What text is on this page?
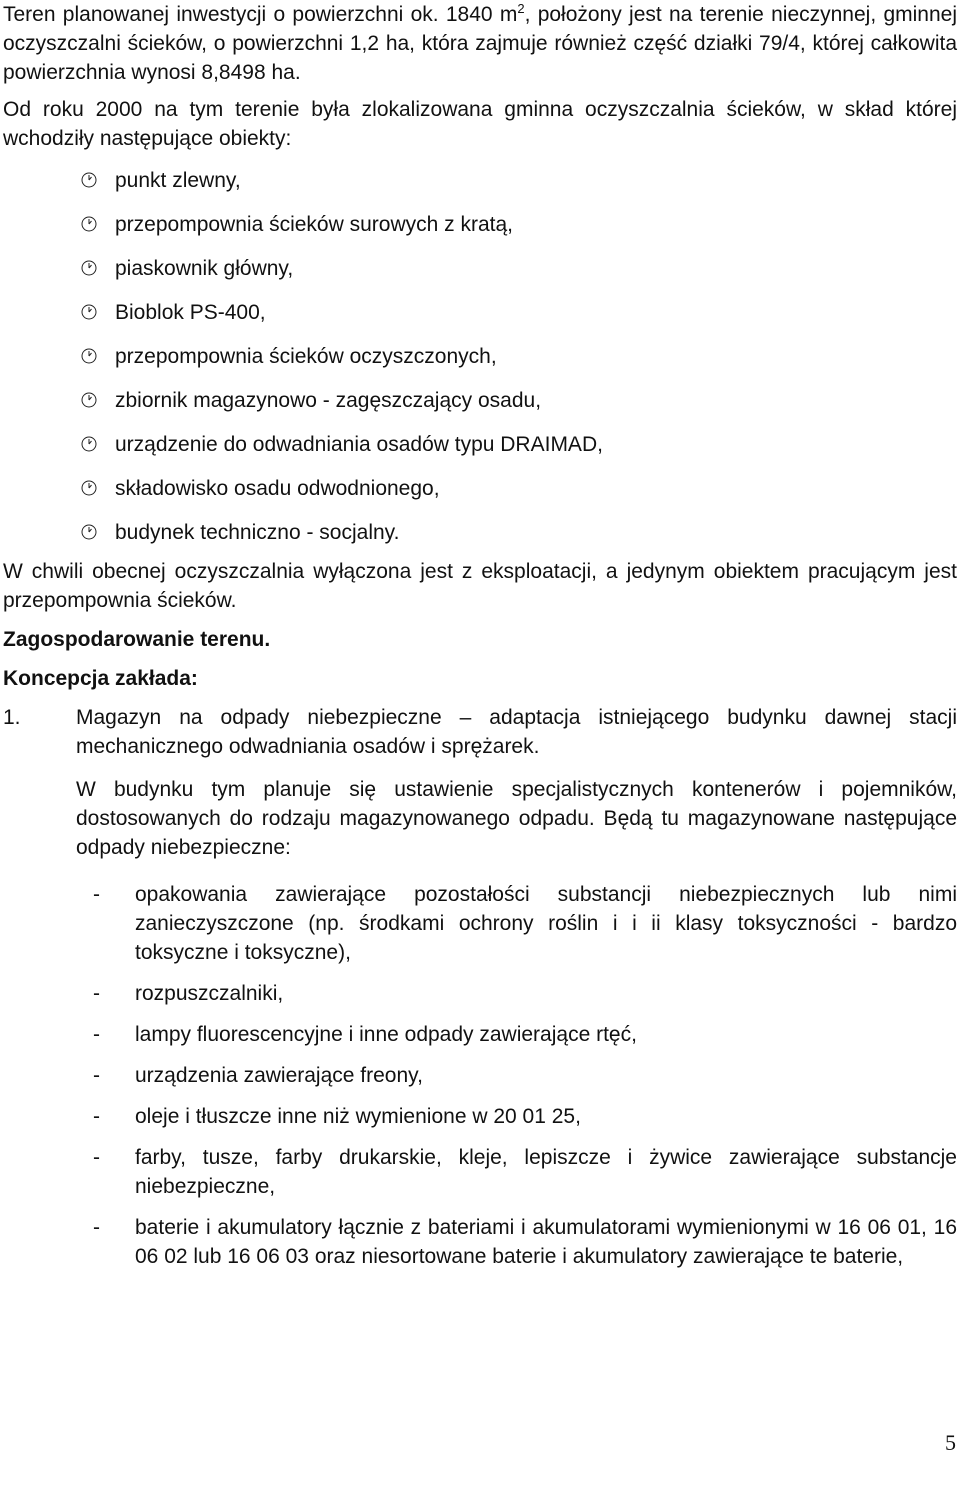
Teren planowanej inwestycji o powierzchni ok. 1840 $m^2$, położony jest na terenie nieczynnej, gminnej oczyszczalni ścieków, o powierzchni 1,2 ha, która zajmuje również część działki 79/4, której całkowita powierzchnia wynosi 8,8498 ha.

Od roku 2000 na tym terenie była zlokalizowana gminna oczyszczalnia ścieków, w skład której wchodziły następujące obiekty:

punkt zlewny,
przepompownia ścieków surowych z kratą,
piaskownik główny,
Bioblok PS-400,
przepompownia ścieków oczyszczonych,
zbiornik magazynowo - zagęszczający osadu,
urządzenie do odwadniania osadów typu DRAIMAD,
składowisko osadu odwodnionego,
budynek techniczno - socjalny.

W chwili obecnej oczyszczalnia wyłączona jest z eksploatacji, a jedynym obiektem pracującym jest przepompownia ścieków.

Zagospodarowanie terenu.

Koncepcja zakłada:

1.	Magazyn na odpady niebezpieczne – adaptacja istniejącego budynku dawnej stacji mechanicznego odwadniania osadów i sprężarek.

W budynku tym planuje się ustawienie specjalistycznych kontenerów i pojemników, dostosowanych do rodzaju magazynowanego odpadu. Będą tu magazynowane następujące odpady niebezpieczne:

- opakowania zawierające pozostałości substancji niebezpiecznych lub nimi zanieczyszczone (np. środkami ochrony roślin i i ii klasy toksyczności - bardzo toksyczne i toksyczne),
- rozpuszczalniki,
- lampy fluorescencyjne i inne odpady zawierające rtęć,
- urządzenia zawierające freony,
- oleje i tłuszcze inne niż wymienione w 20 01 25,
- farby, tusze, farby drukarskie, kleje, lepiszcze i żywice zawierające substancje niebezpieczne,
- baterie i akumulatory łącznie z bateriami i akumulatorami wymienionymi w 16 06 01, 16 06 02 lub 16 06 03 oraz niesortowane baterie i akumulatory zawierające te baterie,
5
